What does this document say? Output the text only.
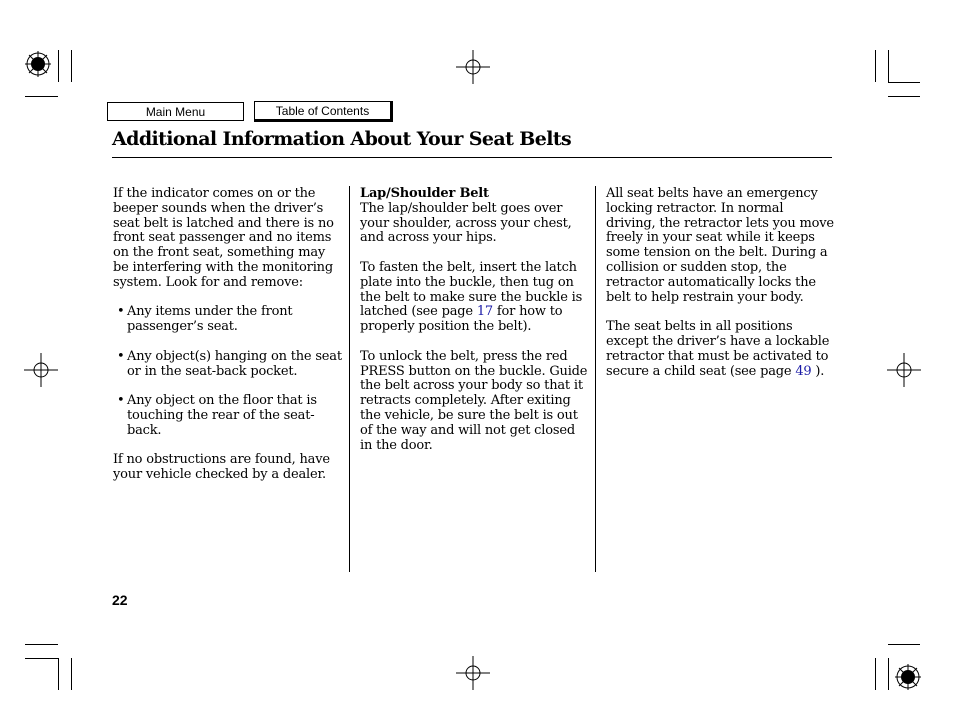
Main Menu	Table of Contents
Additional Information About Your Seat Belts

If the indicator comes on or the beeper sounds when the driver’s seat belt is latched and there is no front seat passenger and no items on the front seat, something may be interfering with the monitoring system. Look for and remove:

• Any items under the front passenger’s seat.
• Any object(s) hanging on the seat or in the seat-back pocket.
• Any object on the floor that is touching the rear of the seat-back.

If no obstructions are found, have your vehicle checked by a dealer.

Lap/Shoulder Belt
The lap/shoulder belt goes over your shoulder, across your chest, and across your hips.

To fasten the belt, insert the latch plate into the buckle, then tug on the belt to make sure the buckle is latched (see page 17 for how to properly position the belt).

To unlock the belt, press the red PRESS button on the buckle. Guide the belt across your body so that it retracts completely. After exiting the vehicle, be sure the belt is out of the way and will not get closed in the door.

All seat belts have an emergency locking retractor. In normal driving, the retractor lets you move freely in your seat while it keeps some tension on the belt. During a collision or sudden stop, the retractor automatically locks the belt to help restrain your body.

The seat belts in all positions except the driver’s have a lockable retractor that must be activated to secure a child seat (see page 49 ).

22
